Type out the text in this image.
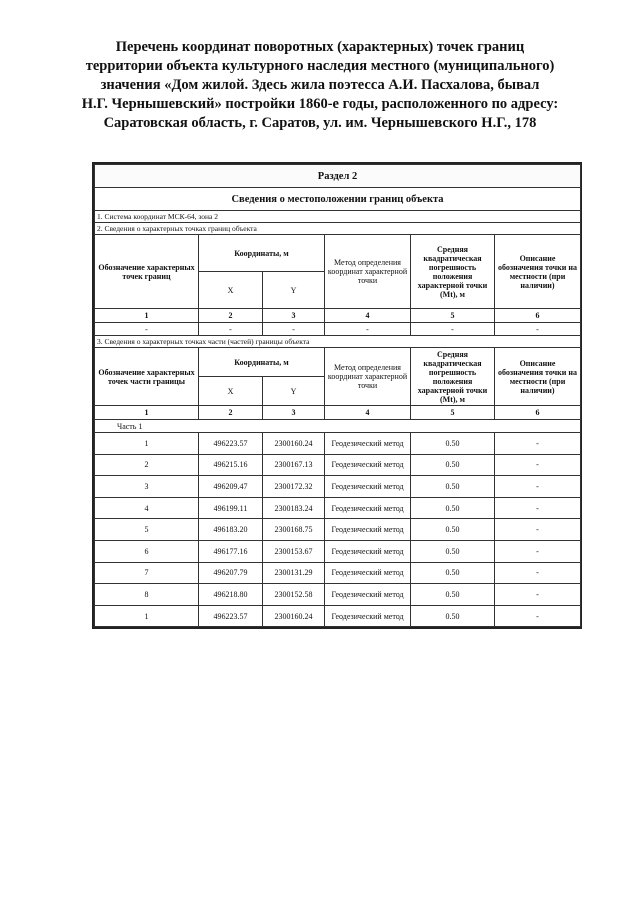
Перечень координат поворотных (характерных) точек границ
территории объекта культурного наследия местного (муниципального)
значения «Дом жилой. Здесь жила поэтесса А.И. Пасхалова, бывал
Н.Г. Чернышевский» постройки 1860-е годы, расположенного по адресу:
Саратовская область, г. Саратов, ул. им. Чернышевского Н.Г., 178
Раздел 2					
Сведения о местоположении границ объекта					
1. Система координат МСК-64, зона 2					
2. Сведения о характерных точках границ объекта					
Обозначение характерных точек границ	Координаты, м		Метод определения координат характерной точки	Средняя квадратическая погрешность положения характерной точки (Мt), м	Описание обозначения точки на местности (при наличии)
	X	Y			
1	2	3	4	5	6
-	-	-	-	-	-
3. Сведения о характерных точках части (частей) границы объекта					
Обозначение характерных точек части границы	Координаты, м		Метод определения координат характерной точки	Средняя квадратическая погрешность положения характерной точки (Мt), м	Описание обозначения точки на местности (при наличии)
	X	Y			
1	2	3	4	5	6
Часть 1					
1	496223.57	2300160.24	Геодезический метод	0.50	-
2	496215.16	2300167.13	Геодезический метод	0.50	-
3	496209.47	2300172.32	Геодезический метод	0.50	-
4	496199.11	2300183.24	Геодезический метод	0.50	-
5	496183.20	2300168.75	Геодезический метод	0.50	-
6	496177.16	2300153.67	Геодезический метод	0.50	-
7	496207.79	2300131.29	Геодезический метод	0.50	-
8	496218.80	2300152.58	Геодезический метод	0.50	-
1	496223.57	2300160.24	Геодезический метод	0.50	-
